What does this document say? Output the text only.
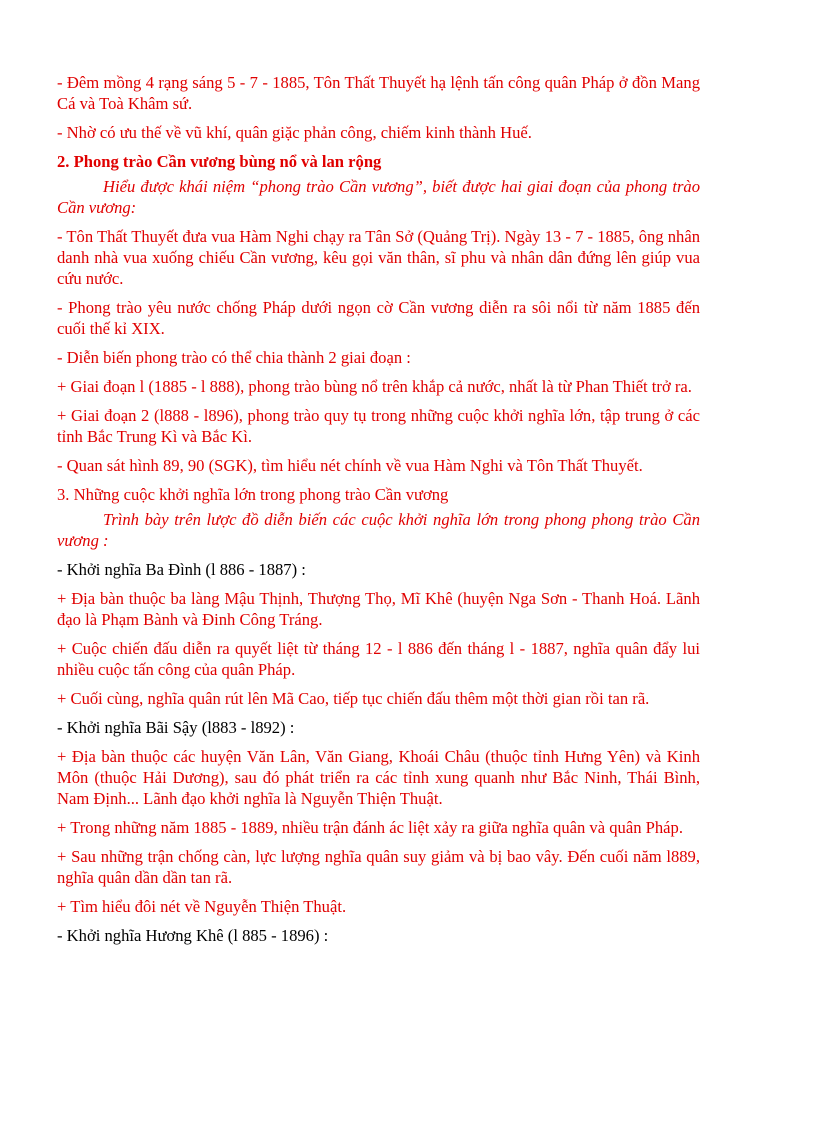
- Đêm mồng 4 rạng sáng 5 - 7 - 1885, Tôn Thất Thuyết hạ lệnh tấn công quân Pháp ở đồn Mang Cá và Toà Khâm sứ.

- Nhờ có ưu thế về vũ khí, quân giặc phản công, chiếm kinh thành Huế.

2. Phong trào Cần vương bùng nổ và lan rộng

Hiểu được khái niệm “phong trào Cần vương”, biết được hai giai đoạn của phong trào Cần vương:

- Tôn Thất Thuyết đưa vua Hàm Nghi chạy ra Tân Sở (Quảng Trị). Ngày 13 - 7 - 1885, ông nhân danh nhà vua xuống chiếu Cần vương, kêu gọi văn thân, sĩ phu và nhân dân đứng lên giúp vua cứu nước.

- Phong trào yêu nước chống Pháp dưới ngọn cờ Cần vương diễn ra sôi nổi từ năm 1885 đến cuối thế kỉ XIX.

- Diễn biến phong trào có thể chia thành 2 giai đoạn :

+ Giai đoạn l (1885 - l 888), phong trào bùng nổ trên khắp cả nước, nhất là từ Phan Thiết trở ra.

+ Giai đoạn 2 (l888 - l896), phong trào quy tụ trong những cuộc khởi nghĩa lớn, tập trung ở các tỉnh Bắc Trung Kì và Bắc Kì.

- Quan sát hình 89, 90 (SGK), tìm hiểu nét chính về vua Hàm Nghi và Tôn Thất Thuyết.

3. Những cuộc khởi nghĩa lớn trong phong trào Cần vương

Trình bày trên lược đồ diễn biến các cuộc khởi nghĩa lớn trong phong phong trào Cần vương :

- Khởi nghĩa Ba Đình (l 886 - 1887) :

+ Địa bàn thuộc ba làng Mậu Thịnh, Thượng Thọ, Mĩ Khê (huyện Nga Sơn - Thanh Hoá. Lãnh đạo là Phạm Bành và Đinh Công Tráng.

+ Cuộc chiến đấu diễn ra quyết liệt từ tháng 12 - l 886 đến tháng l - 1887, nghĩa quân đẩy lui nhiều cuộc tấn công của quân Pháp.

+ Cuối cùng, nghĩa quân rút lên Mã Cao, tiếp tục chiến đấu thêm một thời gian rồi tan rã.

- Khởi nghĩa Bãi Sậy (l883 - l892) :

+ Địa bàn thuộc các huyện Văn Lân, Văn Giang, Khoái Châu (thuộc tỉnh Hưng Yên) và Kinh Môn (thuộc Hải Dương), sau đó phát triển ra các tỉnh xung quanh như Bắc Ninh, Thái Bình, Nam Định... Lãnh đạo khởi nghĩa là Nguyễn Thiện Thuật.

+ Trong những năm 1885 - 1889, nhiều trận đánh ác liệt xảy ra giữa nghĩa quân và quân Pháp.

+ Sau những trận chống càn, lực lượng nghĩa quân suy giảm và bị bao vây. Đến cuối năm l889, nghĩa quân dần dần tan rã.

+ Tìm hiểu đôi nét về Nguyễn Thiện Thuật.

- Khởi nghĩa Hương Khê (l 885 - 1896) :
